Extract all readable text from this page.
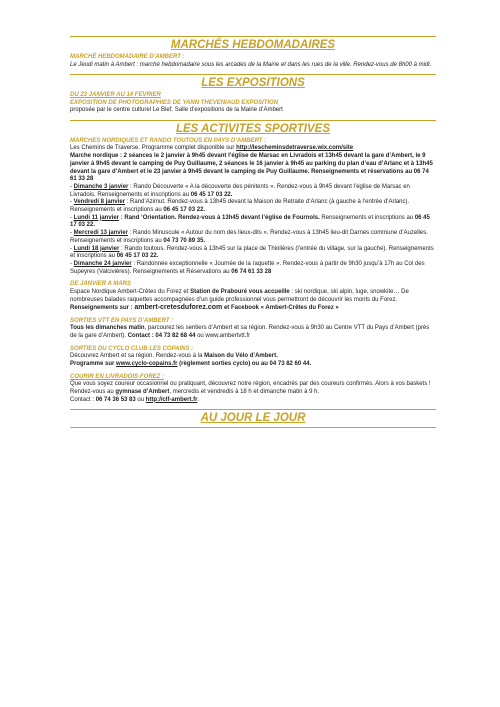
MARCHÉS HEBDOMADAIRES
MARCHÉ HEBDOMADAIRE D’AMBERT :

Le Jeudi matin à Ambert : marché hebdomadaire sous les arcades de la Mairie et dans les rues de la ville. Rendez-vous de 8h00 à midi.

LES EXPOSITIONS
DU 23 JANVIER AU 14 FEVRIER
EXPOSITION DE PHOTOGRAPHIES DE YANN THEVENIAUD EXPOSITION

proposée par le centre culturel Le Bief. Salle d’expositions de la Mairie d’Ambert

LES ACTIVITES SPORTIVES
MARCHES NORDIQUES ET RANDO TOUTOUS EN PAYS D’AMBERT :

Les Chemins de Traverse. Programme complet disponible sur http://lescheminsdetraverse.wix.com/site

Marche nordique : 2 séances le 2 janvier à 9h45 devant l’église de Marsac en Livradois et 13h45 devant la gare d’Ambert, le 9 janvier à 9h45 devant le camping de Puy Guillaume, 2 séances le 16 janvier à 9h45 au parking du plan d’eau d’Arlanc et à 13h45 devant la gare d’Ambert et le 23 janvier à 9h45 devant le camping de Puy Guillaume. Renseignements et réservations au 06 74 61 33 28

- Dimanche 3 janvier : Rando Découverte « A la découverte des pénitents ». Rendez-vous à 9h45 devant l’église de Marsac en Livradois. Renseignements et inscriptions au 06 45 17 03 22.

- Vendredi 8 janvier : Rand’Azimut. Rendez-vous à 13h45 devant la Maison de Retraite d’Arlanc (à gauche à l’entrée d’Arlanc). Renseignements et inscriptions au 06 45 17 03 22.

- Lundi 11 janvier : Rand ‘Orientation. Rendez-vous à 13h45 devant l’église de Fournols. Renseignements et inscriptions au 06 45 17 03 22.

- Mercredi 13 janvier : Rando Minuscule « Autour du nom des lieux-dits ». Rendez-vous à 13h45 lieu-dit Darnes commune d’Auzelles. Renseignements et inscriptions au 04 73 70 89 35.

- Lundi 18 janvier : Rando toutous. Rendez-vous à 13h45 sur la place de Thiolières (l’entrée du village, sur la gauche). Renseignements et inscriptions au 06 45 17 03 22.

- Dimanche 24 janvier : Randonnée exceptionnelle « Journée de la raquette ». Rendez-vous à partir de 9h30 jusqu’à 17h au Col des Supeyres (Valcivières). Renseignements et Réservations au 06 74 61 33 28

DE JANVIER A MARS

Espace Nordique Ambert-Crêtes du Forez et Station de Prabouré vous accueille : ski nordique, ski alpin, luge, snowkite… De nombreuses balades raquettes accompagnées d’un guide professionnel vous permettront de découvrir les monts du Forez.

Renseignements sur : ambert-cretesduforez.com et Facebook « Ambert-Crêtes du Forez »

SORTIES VTT EN PAYS D’AMBERT :

Tous les dimanches matin, parcourez les sentiers d’Ambert et sa région. Rendez-vous à 9h30 au Centre VTT du Pays d’Ambert (près de la gare d’Ambert). Contact : 04 73 82 68 44 ou www.ambertvtt.fr

SORTIES DU CYCLO CLUB LES COPAINS :

Découvrez Ambert et sa région. Rendez-vous à la Maison du Vélo d’Ambert.

Programme sur www.cyclo-copains.fr (règlement sorties cyclo) ou au 04 73 82 60 44.

COURIR EN LIVRADOIS-FOREZ :

Que vous soyez coureur occasionnel ou pratiquant, découvrez notre région, encadrés par des coureurs confirmés. Alors à vos baskets ! Rendez-vous au gymnase d’Ambert, mercredis et vendredis à 18 h et dimanche matin à 9 h.

Contact : 06 74 36 53 83 ou http://clf-ambert.fr.

AU JOUR LE JOUR
